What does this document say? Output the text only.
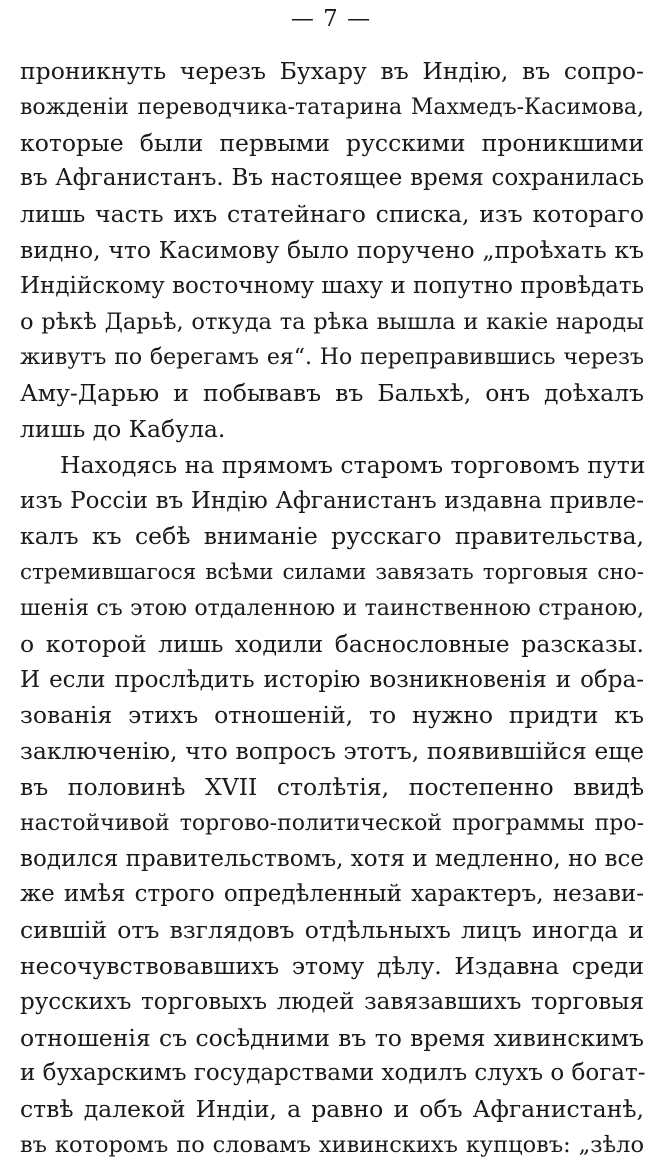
— 7 —
проникнуть черезъ Бухару въ Индію, въ сопро-
вожденіи переводчика-татарина Махмедъ-Касимова,
которые были первыми русскими проникшими
въ Афганистанъ. Въ настоящее время сохранилась
лишь часть ихъ статейнаго списка, изъ котораго
видно, что Касимову было поручено „проѣхать къ
Индійскому восточному шаху и попутно провѣдать
о рѣкѣ Дарьѣ, откуда та рѣка вышла и какіе народы
живутъ по берегамъ ея“. Но переправившись черезъ
Аму-Дарью и побывавъ въ Бальхѣ, онъ доѣхалъ
лишь до Кабула.
Находясь на прямомъ старомъ торговомъ пути
изъ Россіи въ Индію Афганистанъ издавна привле-
калъ къ себѣ вниманіе русскаго правительства,
стремившагося всѣми силами завязать торговыя сно-
шенія съ этою отдаленною и таинственною страною,
о которой лишь ходили баснословные разсказы.
И если прослѣдить исторію возникновенія и обра-
зованія этихъ отношеній, то нужно придти къ
заключенію, что вопросъ этотъ, появившійся еще
въ половинѣ XVII столѣтія, постепенно ввидѣ
настойчивой торгово-политической программы про-
водился правительствомъ, хотя и медленно, но все
же имѣя строго опредѣленный характеръ, незави-
сившій отъ взглядовъ отдѣльныхъ лицъ иногда и
несочувствовавшихъ этому дѣлу. Издавна среди
русскихъ торговыхъ людей завязавшихъ торговыя
отношенія съ сосѣдними въ то время хивинскимъ
и бухарскимъ государствами ходилъ слухъ о богат-
ствѣ далекой Индіи, а равно и объ Афганистанѣ,
въ которомъ по словамъ хивинскихъ купцовъ: „зѣло
